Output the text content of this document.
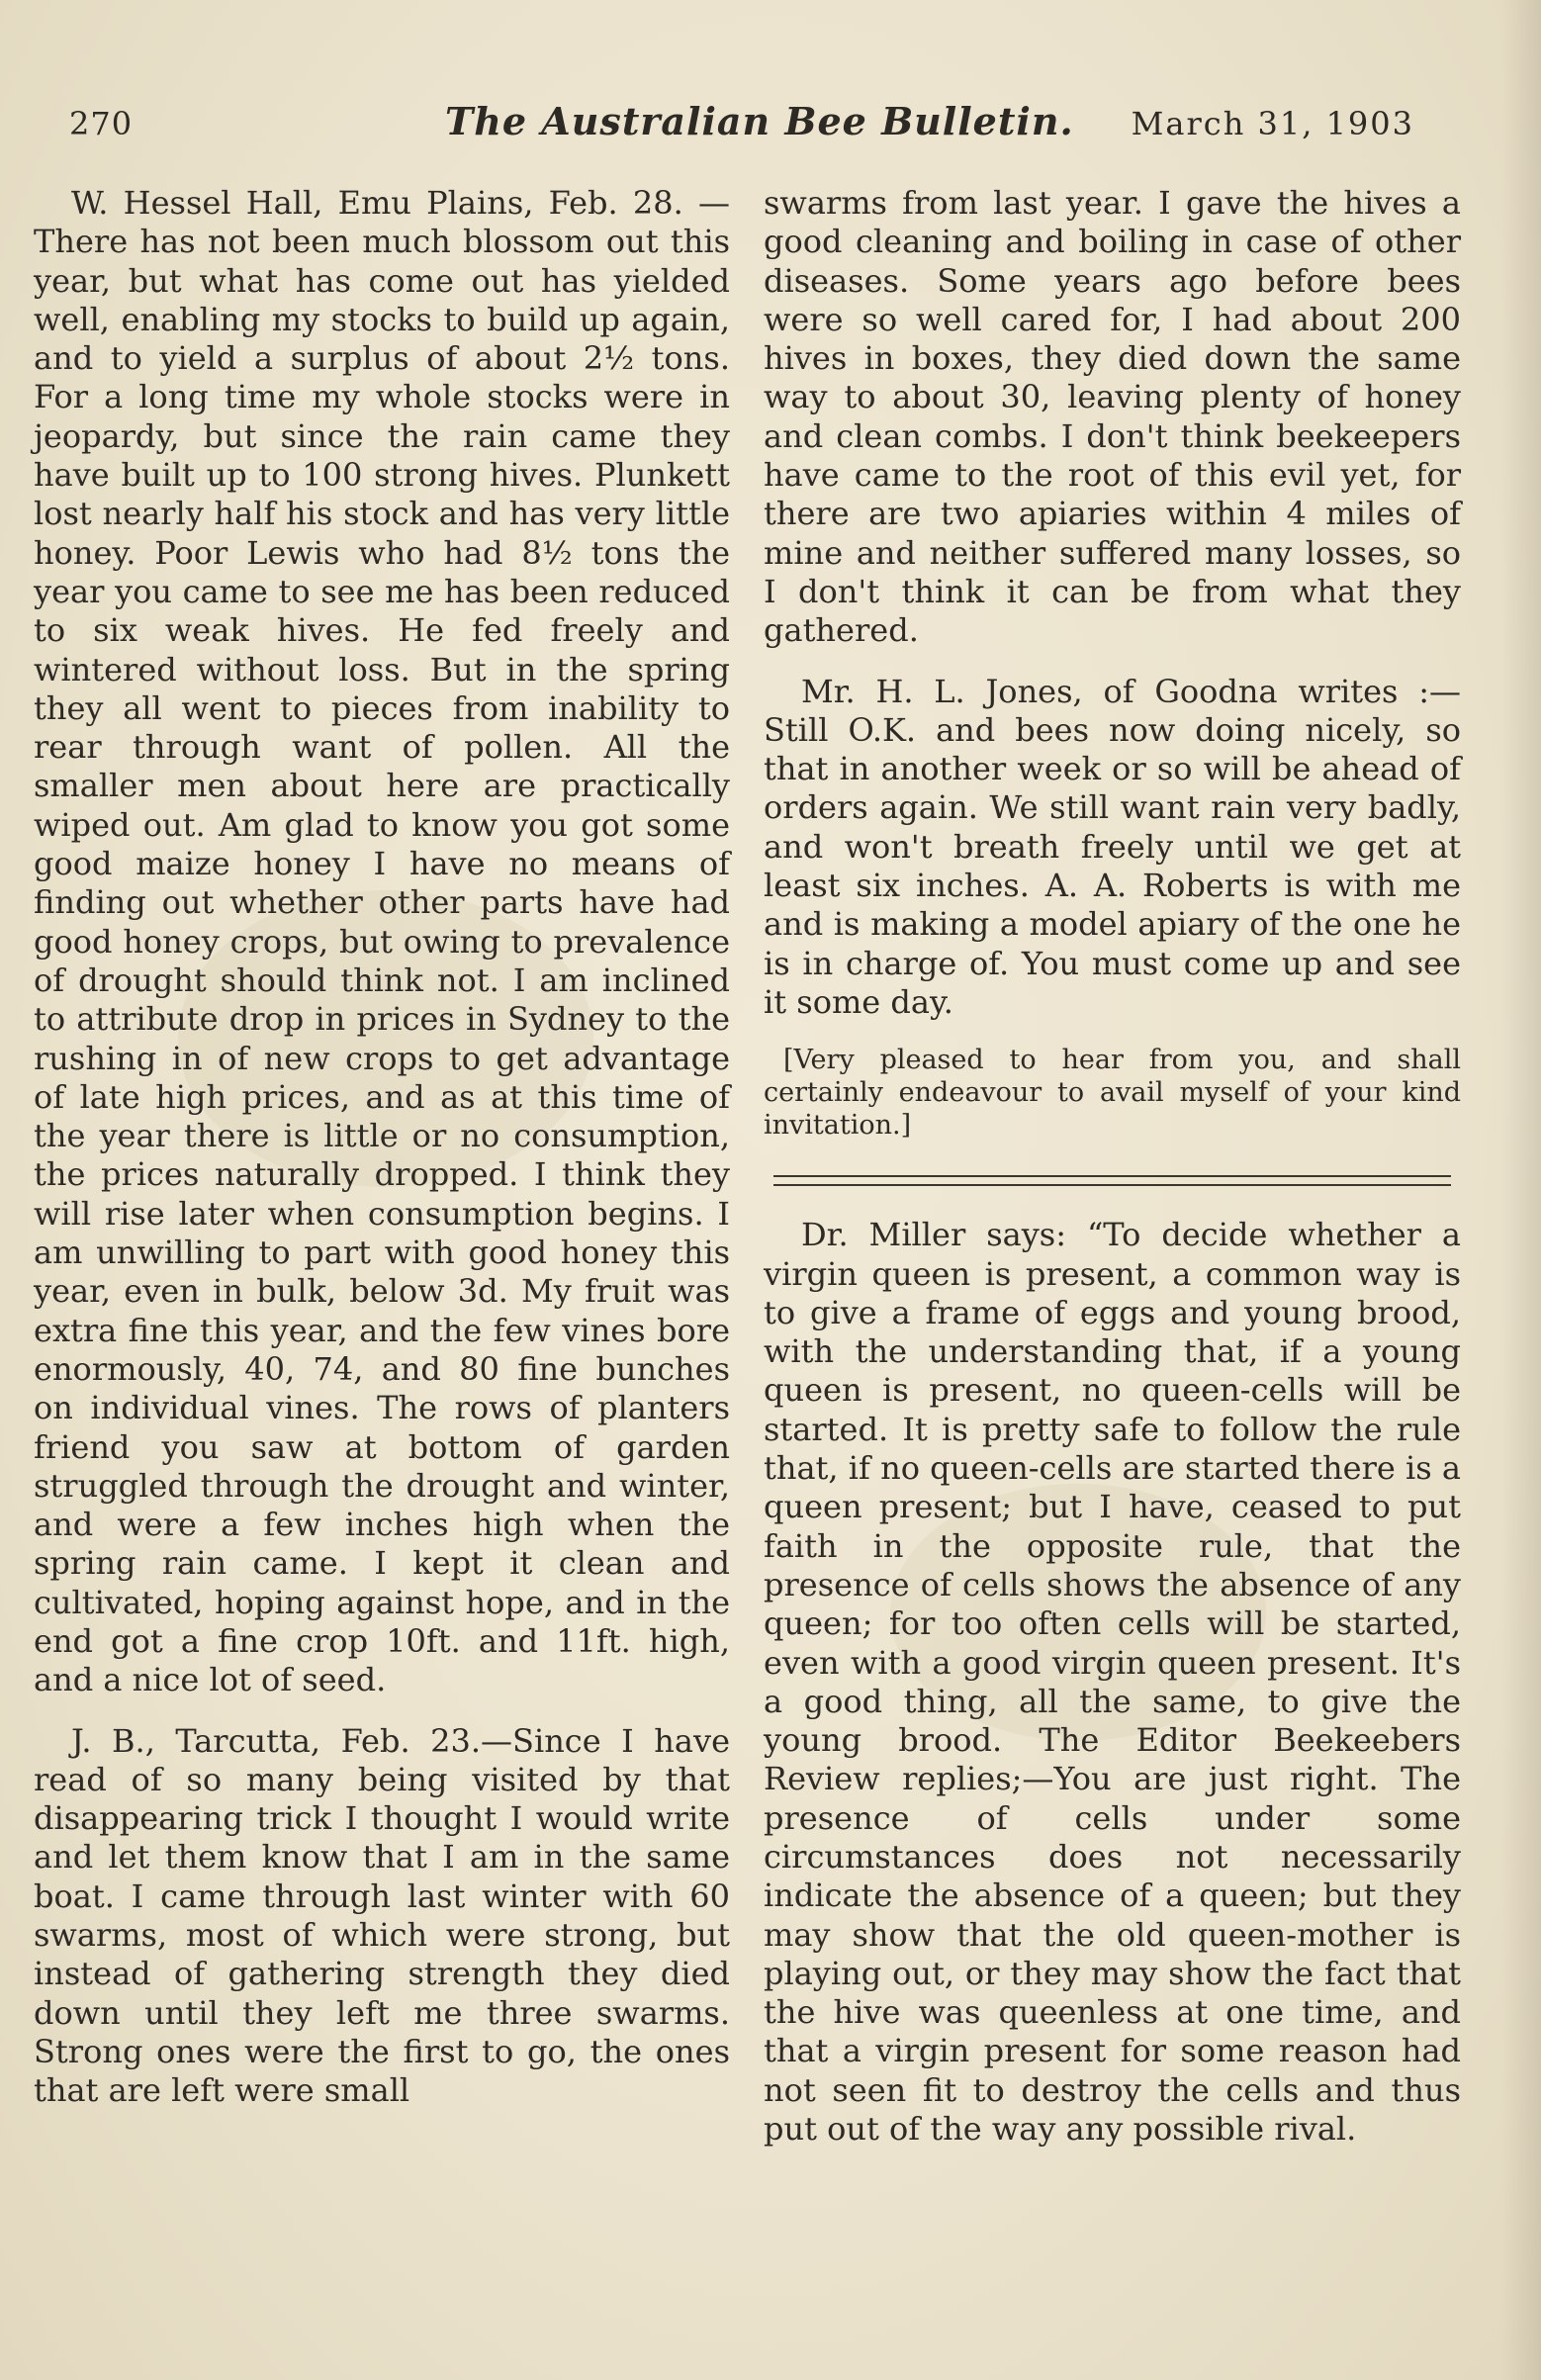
270	The Australian Bee Bulletin. March 31, 1903

W. Hessel Hall, Emu Plains, Feb. 28. —There has not been much blossom out this year, but what has come out has yielded well, enabling my stocks to build up again, and to yield a surplus of about 2½ tons. For a long time my whole stocks were in jeopardy, but since the rain came they have built up to 100 strong hives. Plunkett lost nearly half his stock and has very little honey. Poor Lewis who had 8½ tons the year you came to see me has been reduced to six weak hives. He fed freely and wintered without loss. But in the spring they all went to pieces from inability to rear through want of pollen. All the smaller men about here are practically wiped out. Am glad to know you got some good maize honey I have no means of finding out whether other parts have had good honey crops, but owing to prevalence of drought should think not. I am inclined to attribute drop in prices in Sydney to the rushing in of new crops to get advantage of late high prices, and as at this time of the year there is little or no consumption, the prices naturally dropped. I think they will rise later when consumption begins. I am unwilling to part with good honey this year, even in bulk, below 3d. My fruit was extra fine this year, and the few vines bore enormously, 40, 74, and 80 fine bunches on individual vines. The rows of planters friend you saw at bottom of garden struggled through the drought and winter, and were a few inches high when the spring rain came. I kept it clean and cultivated, hoping against hope, and in the end got a fine crop 10ft. and 11ft. high, and a nice lot of seed.

J. B., Tarcutta, Feb. 23.—Since I have read of so many being visited by that disappearing trick I thought I would write and let them know that I am in the same boat. I came through last winter with 60 swarms, most of which were strong, but instead of gathering strength they died down until they left me three swarms. Strong ones were the first to go, the ones that are left were small

swarms from last year. I gave the hives a good cleaning and boiling in case of other diseases. Some years ago before bees were so well cared for, I had about 200 hives in boxes, they died down the same way to about 30, leaving plenty of honey and clean combs. I don't think beekeepers have came to the root of this evil yet, for there are two apiaries within 4 miles of mine and neither suffered many losses, so I don't think it can be from what they gathered.

Mr. H. L. Jones, of Goodna writes :— Still O.K. and bees now doing nicely, so that in another week or so will be ahead of orders again. We still want rain very badly, and won't breath freely until we get at least six inches. A. A. Roberts is with me and is making a model apiary of the one he is in charge of. You must come up and see it some day.

[Very pleased to hear from you, and shall certainly endeavour to avail myself of your kind invitation.]

Dr. Miller says: “To decide whether a virgin queen is present, a common way is to give a frame of eggs and young brood, with the understanding that, if a young queen is present, no queen-cells will be started. It is pretty safe to follow the rule that, if no queen-cells are started there is a queen present; but I have, ceased to put faith in the opposite rule, that the presence of cells shows the absence of any queen; for too often cells will be started, even with a good virgin queen present. It's a good thing, all the same, to give the young brood. The Editor Beekeebers Review replies;—You are just right. The presence of cells under some circumstances does not necessarily indicate the absence of a queen; but they may show that the old queen-mother is playing out, or they may show the fact that the hive was queenless at one time, and that a virgin present for some reason had not seen fit to destroy the cells and thus put out of the way any possible rival.
